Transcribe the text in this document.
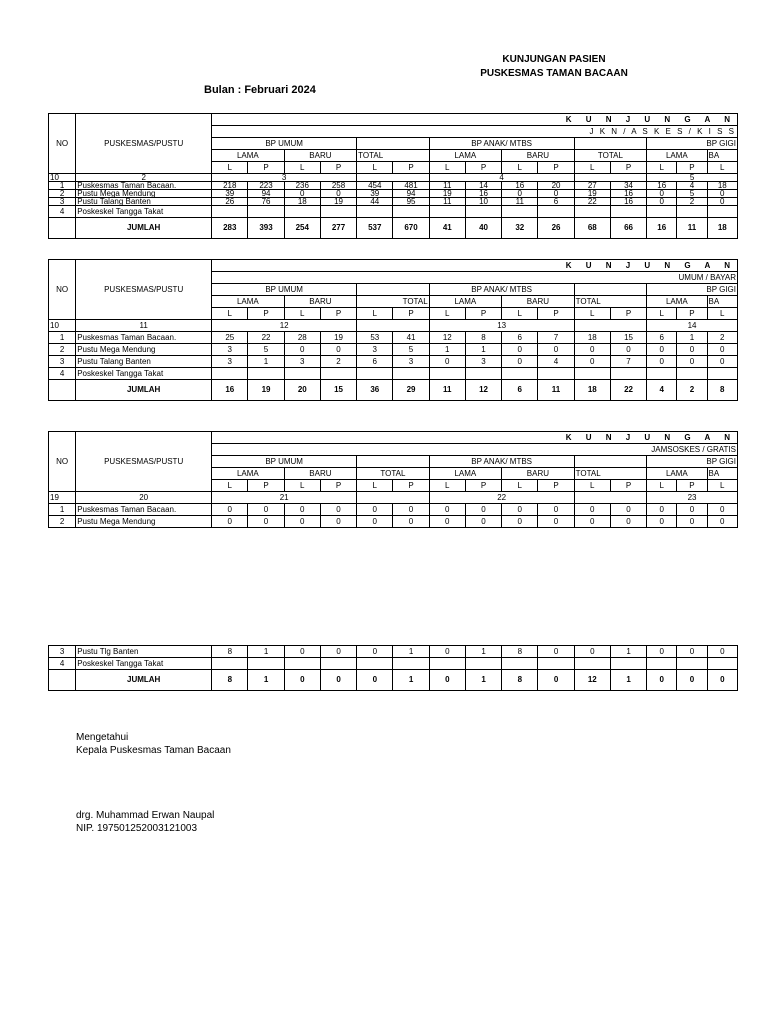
KUNJUNGAN PASIEN
PUSKESMAS TAMAN BACAAN
Bulan : Februari 2024
NO	PUSKESMAS/PUSTU	K U N J U N G A N														
		J K N / A S K E S / K I S S														
		BP UMUM						BP ANAK/ MTBS						BP GIGI		
		LAMA		BARU		TOTAL		LAMA		BARU		TOTAL		LAMA		BA
		L	P	L	P	L	P	L	P	L	P	L	P	L	P	L
10	2	3						4						5		
1	Puskesmas Taman Bacaan.	218	223	236	258	454	481	11	14	16	20	27	34	16	4	18
2	Pustu Mega Mendung	39	94	0	0	39	94	19	16	0	0	19	16	0	5	0
3	Pustu Talang Banten	26	76	18	19	44	95	11	10	11	6	22	16	0	2	0
4	Poskeskel Tangga Takat															
	JUMLAH	283	393	254	277	537	670	41	40	32	26	68	66	16	11	18
NO	PUSKESMAS/PUSTU	K U N J U N G A N														
		UMUM / BAYAR														
		BP UMUM						BP ANAK/ MTBS						BP GIGI		
		LAMA		BARU		TOTAL		LAMA		BARU		TOTAL		LAMA		BA
		L	P	L	P	L	P	L	P	L	P	L	P	L	P	L
10	11	12						13						14		
1	Puskesmas Taman Bacaan.	25	22	28	19	53	41	12	8	6	7	18	15	6	1	2
2	Pustu Mega Mendung	3	5	0	0	3	5	1	1	0	0	0	0	0	0	0
3	Pustu Talang Banten	3	1	3	2	6	3	0	3	0	4	0	7	0	0	0
4	Poskeskel Tangga Takat															
	JUMLAH	16	19	20	15	36	29	11	12	6	11	18	22	4	2	8
NO	PUSKESMAS/PUSTU	K U N J U N G A N														
		JAMSOSKES / GRATIS														
		BP UMUM						BP ANAK/ MTBS						BP GIGI		
		LAMA		BARU		TOTAL		LAMA		BARU		TOTAL		LAMA		BA
		L	P	L	P	L	P	L	P	L	P	L	P	L	P	L
19	20	21						22						23		
1	Puskesmas Taman Bacaan.	0	0	0	0	0	0	0	0	0	0	0	0	0	0	0
2	Pustu Mega Mendung	0	0	0	0	0	0	0	0	0	0	0	0	0	0	0
3	Pustu Tlg Banten	8	1	0	0	0	1	0	1	8	0	0	1	0	0	0
4	Poskeskel Tangga Takat															
	JUMLAH	8	1	0	0	0	1	0	1	8	0	12	1	0	0	0
Mengetahui
Kepala Puskesmas Taman Bacaan
drg. Muhammad Erwan Naupal
NIP. 197501252003121003
